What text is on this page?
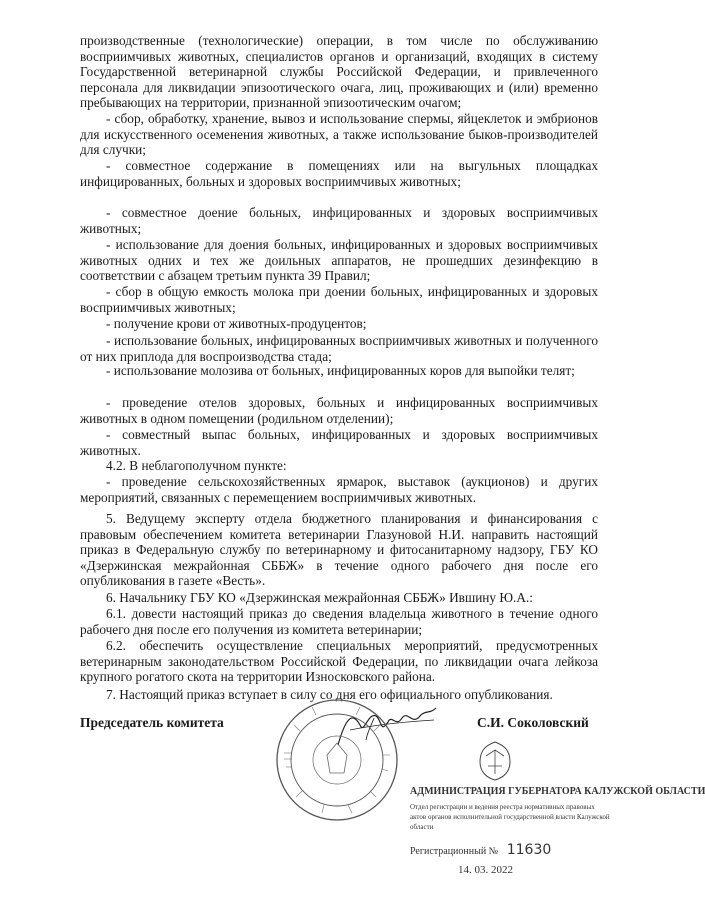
производственные (технологические) операции, в том числе по обслуживанию восприимчивых животных, специалистов органов и организаций, входящих в систему Государственной ветеринарной службы Российской Федерации, и привлеченного персонала для ликвидации эпизоотического очага, лиц, проживающих и (или) временно пребывающих на территории, признанной эпизоотическим очагом;

- сбор, обработку, хранение, вывоз и использование спермы, яйцеклеток и эмбрионов для искусственного осеменения животных, а также использование быков-производителей для случки;

- совместное содержание в помещениях или на выгульных площадках инфицированных, больных и здоровых восприимчивых животных;

- совместное доение больных, инфицированных и здоровых восприимчивых животных;

- использование для доения больных, инфицированных и здоровых восприимчивых животных одних и тех же доильных аппаратов, не прошедших дезинфекцию в соответствии с абзацем третьим пункта 39 Правил;

- сбор в общую емкость молока при доении больных, инфицированных и здоровых восприимчивых животных;

- получение крови от животных-продуцентов;

- использование больных, инфицированных восприимчивых животных и полученного от них приплода для воспроизводства стада;

- использование молозива от больных, инфицированных коров для выпойки телят;

- проведение отелов здоровых, больных и инфицированных восприимчивых животных в одном помещении (родильном отделении);

- совместный выпас больных, инфицированных и здоровых восприимчивых животных.

4.2. В неблагополучном пункте:

- проведение сельскохозяйственных ярмарок, выставок (аукционов) и других мероприятий, связанных с перемещением восприимчивых животных.

5. Ведущему эксперту отдела бюджетного планирования и финансирования с правовым обеспечением комитета ветеринарии Глазуновой Н.И. направить настоящий приказ в Федеральную службу по ветеринарному и фитосанитарному надзору, ГБУ КО «Дзержинская межрайонная СББЖ» в течение одного рабочего дня после его опубликования в газете «Весть».

6. Начальнику ГБУ КО «Дзержинская межрайонная СББЖ» Ившину Ю.А.:

6.1. довести настоящий приказ до сведения владельца животного в течение одного рабочего дня после его получения из комитета ветеринарии;

6.2. обеспечить осуществление специальных мероприятий, предусмотренных ветеринарным законодательством Российской Федерации, по ликвидации очага лейкоза крупного рогатого скота на территории Износковского района.

7. Настоящий приказ вступает в силу со дня его официального опубликования.

Председатель комитета	С.И. Соколовский
АДМИНИСТРАЦИЯ ГУБЕРНАТОРА КАЛУЖСКОЙ ОБЛАСТИ
Отдел регистрации и ведения реестра нормативных правовых актов органов исполнительной государственной власти Калужской области
Регистрационный № 11630
14. 03. 2022
